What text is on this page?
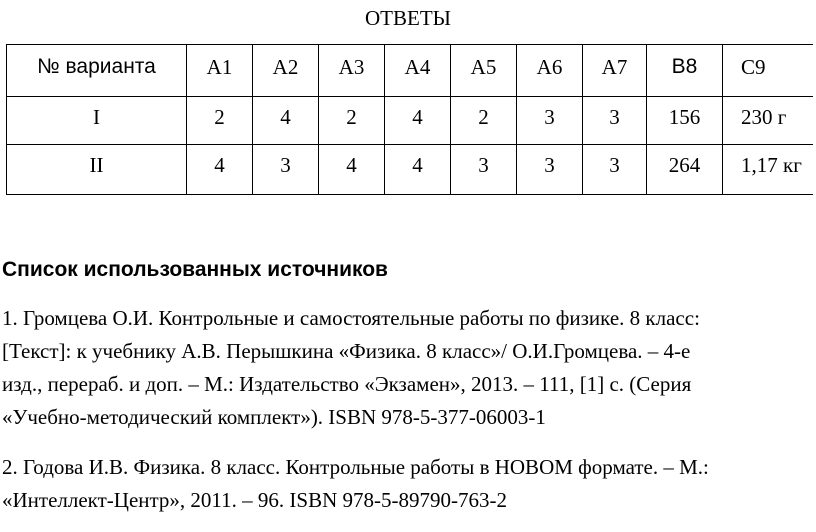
ОТВЕТЫ
№ варианта	А1	А2	А3	А4	А5	А6	А7	В8	С9
I	2	4	2	4	2	3	3	156	230 г
II	4	3	4	4	3	3	3	264	1,17 кг
Список использованных источников
1. Громцева О.И. Контрольные и самостоятельные работы по физике. 8 класс:
[Текст]: к учебнику А.В. Перышкина «Физика. 8 класс»/ О.И.Громцева. – 4-е
изд., перераб. и доп. – М.: Издательство «Экзамен», 2013. – 111, [1] с. (Серия
«Учебно-методический комплект»). ISBN 978-5-377-06003-1
2. Годова И.В. Физика. 8 класс. Контрольные работы в НОВОМ формате. – М.:
«Интеллект-Центр», 2011. – 96. ISBN 978-5-89790-763-2
